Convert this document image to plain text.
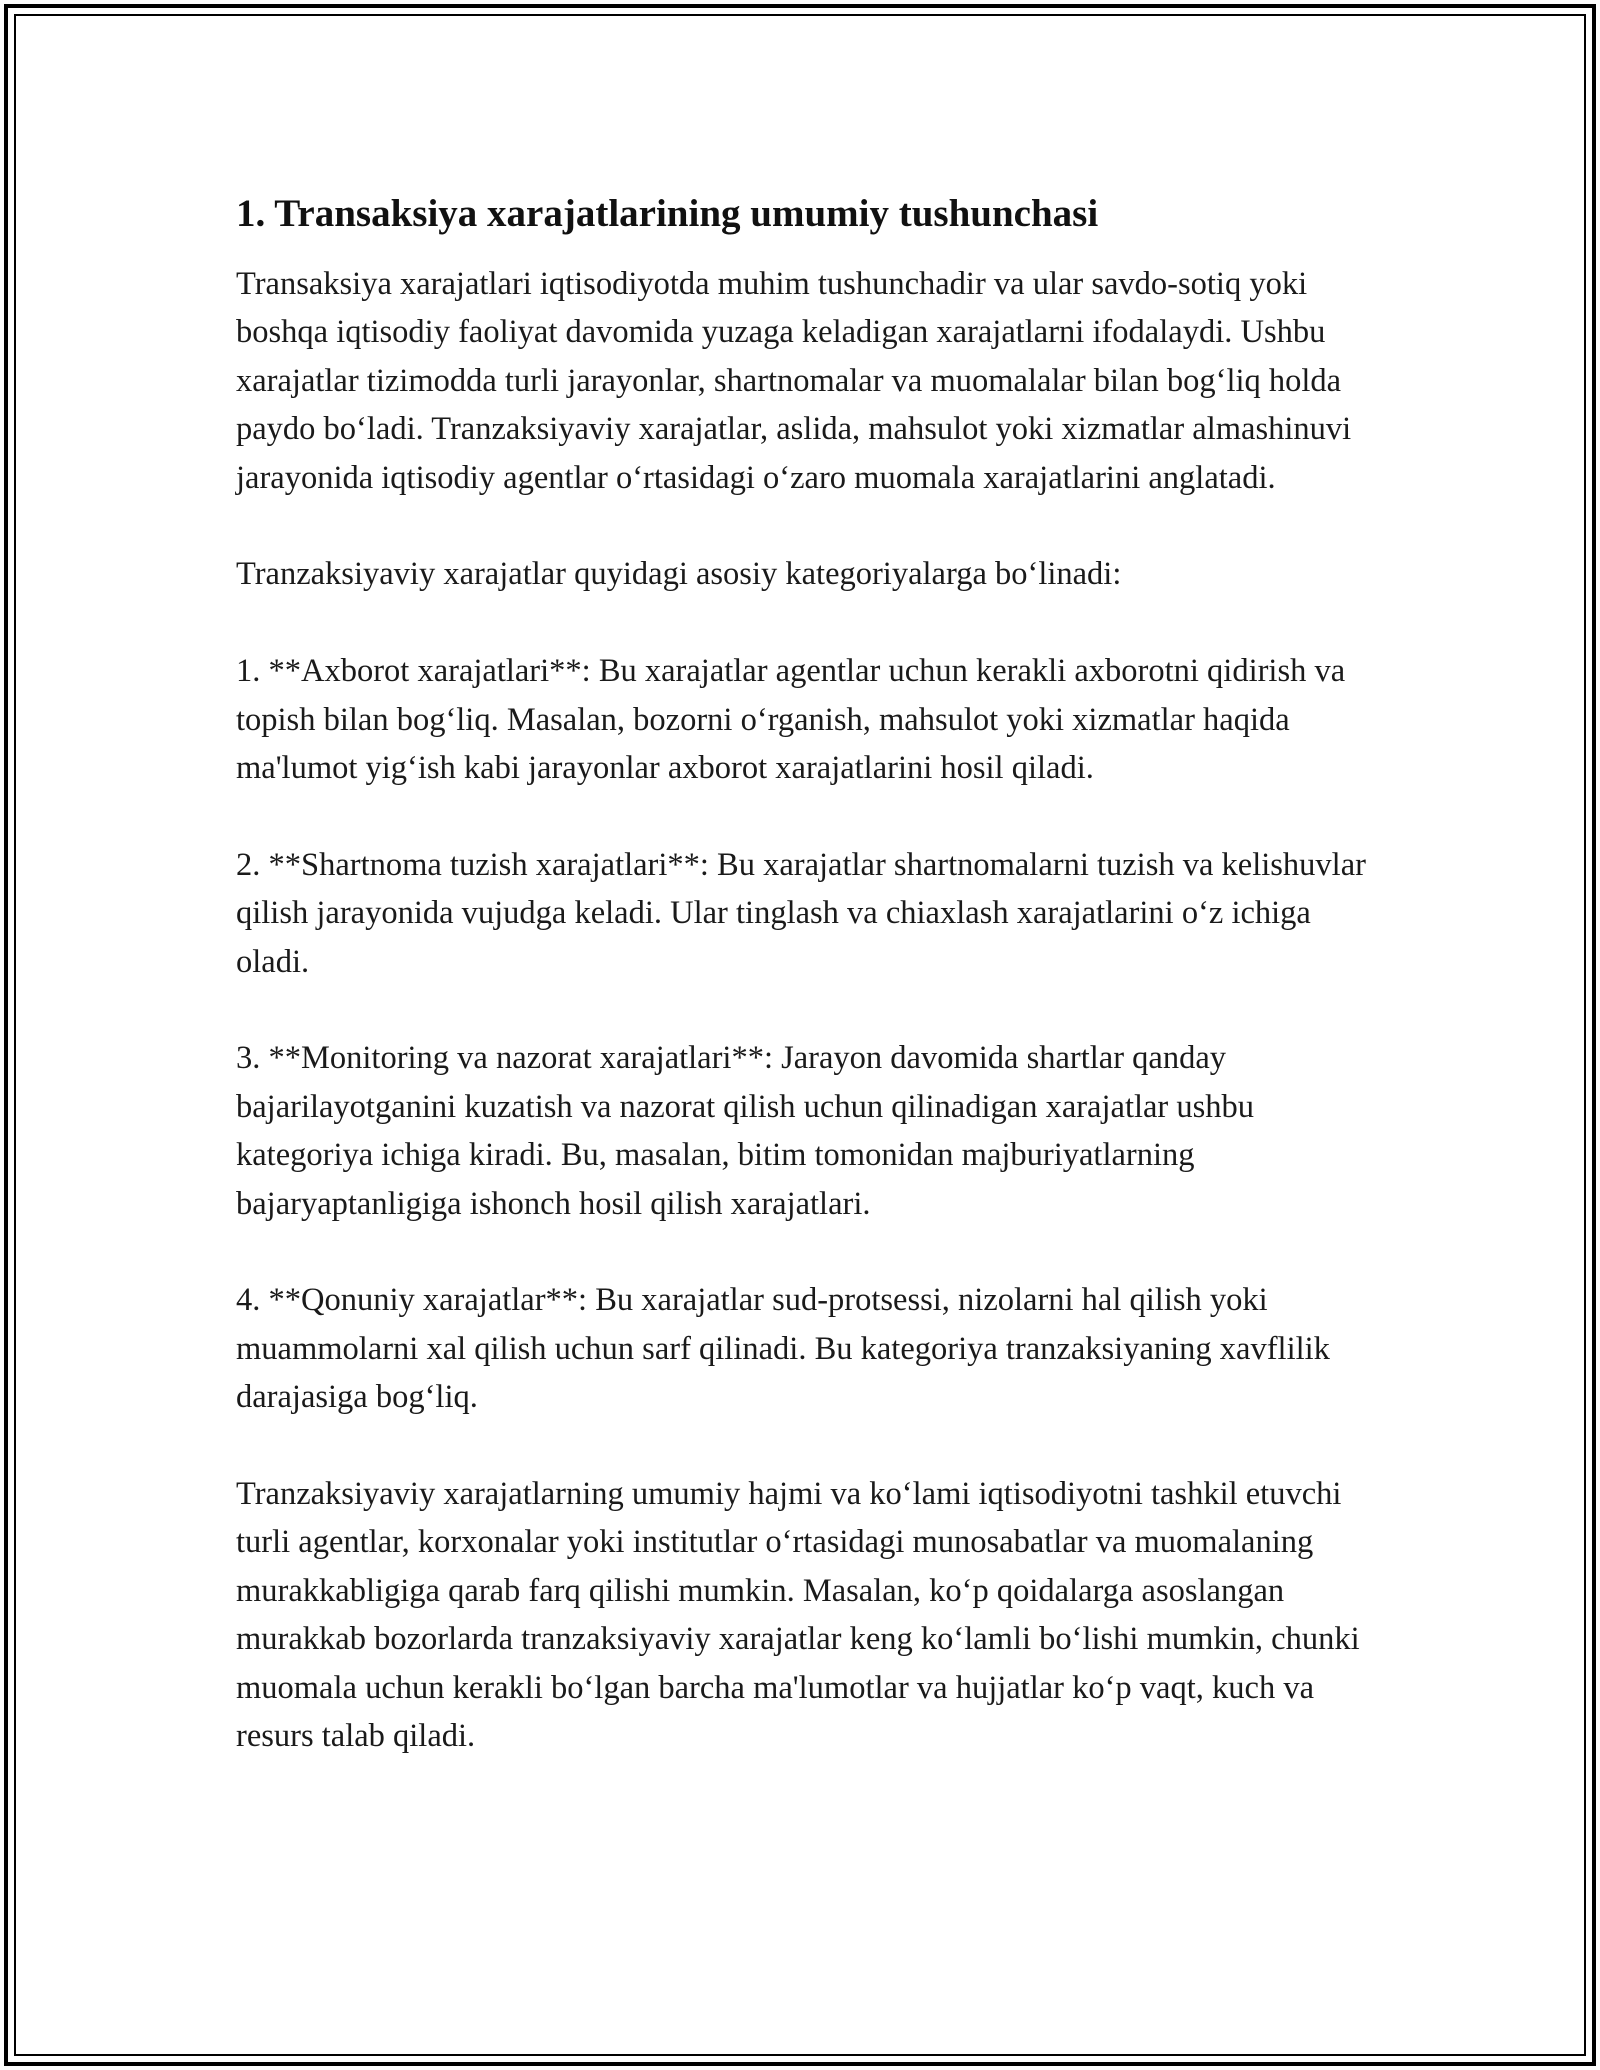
1. Transaksiya xarajatlarining umumiy tushunchasi

Transaksiya xarajatlari iqtisodiyotda muhim tushunchadir va ular savdo-sotiq yoki boshqa iqtisodiy faoliyat davomida yuzaga keladigan xarajatlarni ifodalaydi. Ushbu xarajatlar tizimodda turli jarayonlar, shartnomalar va muomalalar bilan bog‘liq holda paydo bo‘ladi. Tranzaksiyaviy xarajatlar, aslida, mahsulot yoki xizmatlar almashinuvi jarayonida iqtisodiy agentlar o‘rtasidagi o‘zaro muomala xarajatlarini anglatadi.

Tranzaksiyaviy xarajatlar quyidagi asosiy kategoriyalarga bo‘linadi:

1. **Axborot xarajatlari**: Bu xarajatlar agentlar uchun kerakli axborotni qidirish va topish bilan bog‘liq. Masalan, bozorni o‘rganish, mahsulot yoki xizmatlar haqida ma'lumot yig‘ish kabi jarayonlar axborot xarajatlarini hosil qiladi.

2. **Shartnoma tuzish xarajatlari**: Bu xarajatlar shartnomalarni tuzish va kelishuvlar qilish jarayonida vujudga keladi. Ular tinglash va chiaxlash xarajatlarini o‘z ichiga oladi.

3. **Monitoring va nazorat xarajatlari**: Jarayon davomida shartlar qanday bajarilayotganini kuzatish va nazorat qilish uchun qilinadigan xarajatlar ushbu kategoriya ichiga kiradi. Bu, masalan, bitim tomonidan majburiyatlarning bajaryaptanligiga ishonch hosil qilish xarajatlari.

4. **Qonuniy xarajatlar**: Bu xarajatlar sud-protsessi, nizolarni hal qilish yoki muammolarni xal qilish uchun sarf qilinadi. Bu kategoriya tranzaksiyaning xavflilik darajasiga bog‘liq.

Tranzaksiyaviy xarajatlarning umumiy hajmi va ko‘lami iqtisodiyotni tashkil etuvchi turli agentlar, korxonalar yoki institutlar o‘rtasidagi munosabatlar va muomalaning murakkabligiga qarab farq qilishi mumkin. Masalan, ko‘p qoidalarga asoslangan murakkab bozorlarda tranzaksiyaviy xarajatlar keng ko‘lamli bo‘lishi mumkin, chunki muomala uchun kerakli bo‘lgan barcha ma'lumotlar va hujjatlar ko‘p vaqt, kuch va resurs talab qiladi.
